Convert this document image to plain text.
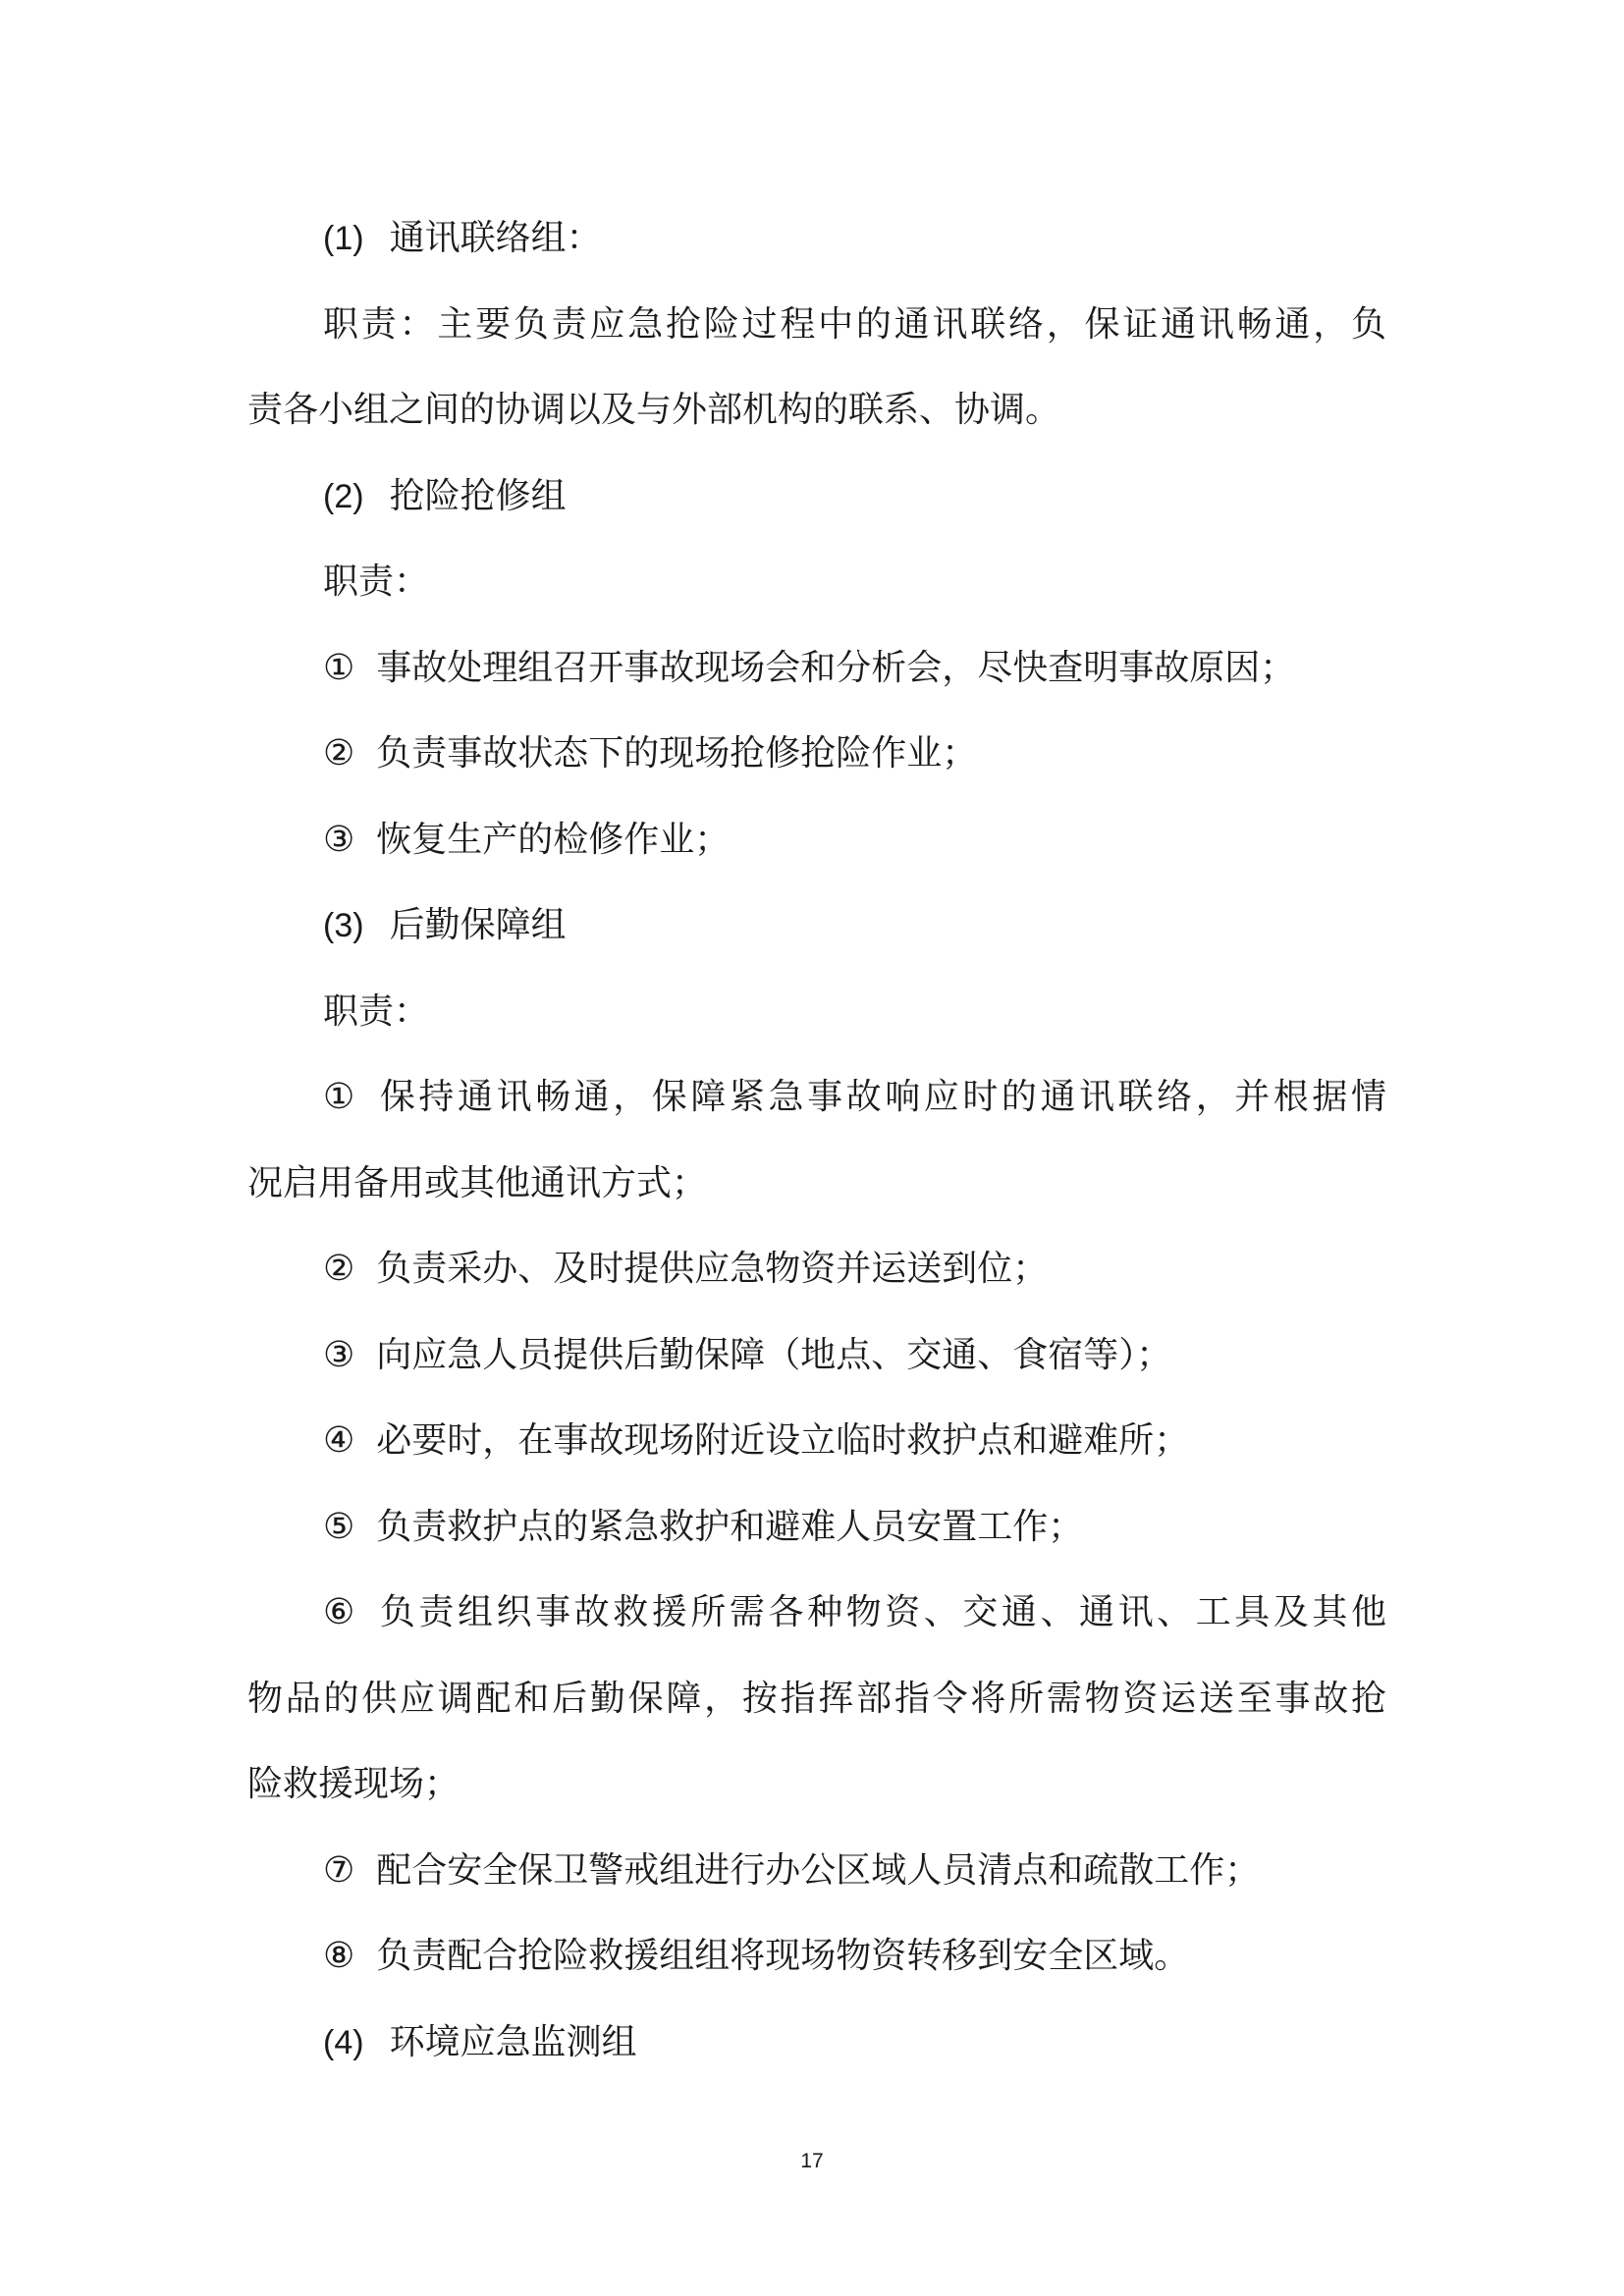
(1) 通讯联络组：
职责：主要负责应急抢险过程中的通讯联络，保证通讯畅通，负
责各小组之间的协调以及与外部机构的联系、协调。
(2) 抢险抢修组
职责：
① 事故处理组召开事故现场会和分析会，尽快查明事故原因；
② 负责事故状态下的现场抢修抢险作业；
③ 恢复生产的检修作业；
(3) 后勤保障组
职责：
① 保持通讯畅通，保障紧急事故响应时的通讯联络，并根据情
况启用备用或其他通讯方式；
② 负责采办、及时提供应急物资并运送到位；
③ 向应急人员提供后勤保障（地点、交通、食宿等）；
④ 必要时，在事故现场附近设立临时救护点和避难所；
⑤ 负责救护点的紧急救护和避难人员安置工作；
⑥ 负责组织事故救援所需各种物资、交通、通讯、工具及其他
物品的供应调配和后勤保障，按指挥部指令将所需物资运送至事故抢
险救援现场；
⑦ 配合安全保卫警戒组进行办公区域人员清点和疏散工作；
⑧ 负责配合抢险救援组组将现场物资转移到安全区域。
(4) 环境应急监测组
17
